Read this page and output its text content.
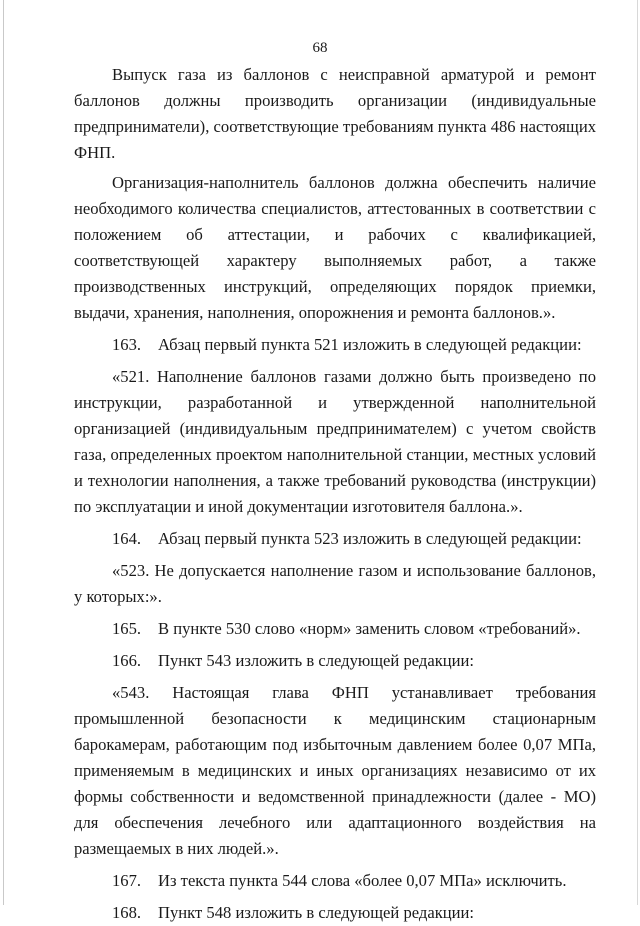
68

Выпуск газа из баллонов с неисправной арматурой и ремонт баллонов должны производить организации (индивидуальные предприниматели), соответствующие требованиям пункта 486 настоящих ФНП.

Организация-наполнитель баллонов должна обеспечить наличие необходимого количества специалистов, аттестованных в соответствии с положением об аттестации, и рабочих с квалификацией, соответствующей характеру выполняемых работ, а также производственных инструкций, определяющих порядок приемки, выдачи, хранения, наполнения, опорожнения и ремонта баллонов.».

163. Абзац первый пункта 521 изложить в следующей редакции:

«521. Наполнение баллонов газами должно быть произведено по инструкции, разработанной и утвержденной наполнительной организацией (индивидуальным предпринимателем) с учетом свойств газа, определенных проектом наполнительной станции, местных условий и технологии наполнения, а также требований руководства (инструкции) по эксплуатации и иной документации изготовителя баллона.».

164. Абзац первый пункта 523 изложить в следующей редакции:

«523. Не допускается наполнение газом и использование баллонов, у которых:».

165. В пункте 530 слово «норм» заменить словом «требований».
166. Пункт 543 изложить в следующей редакции:

«543. Настоящая глава ФНП устанавливает требования промышленной безопасности к медицинским стационарным барокамерам, работающим под избыточным давлением более 0,07 МПа, применяемым в медицинских и иных организациях независимо от их формы собственности и ведомственной принадлежности (далее - МО) для обеспечения лечебного или адаптационного воздействия на размещаемых в них людей.».

167. Из текста пункта 544 слова «более 0,07 МПа» исключить.
168. Пункт 548 изложить в следующей редакции:
